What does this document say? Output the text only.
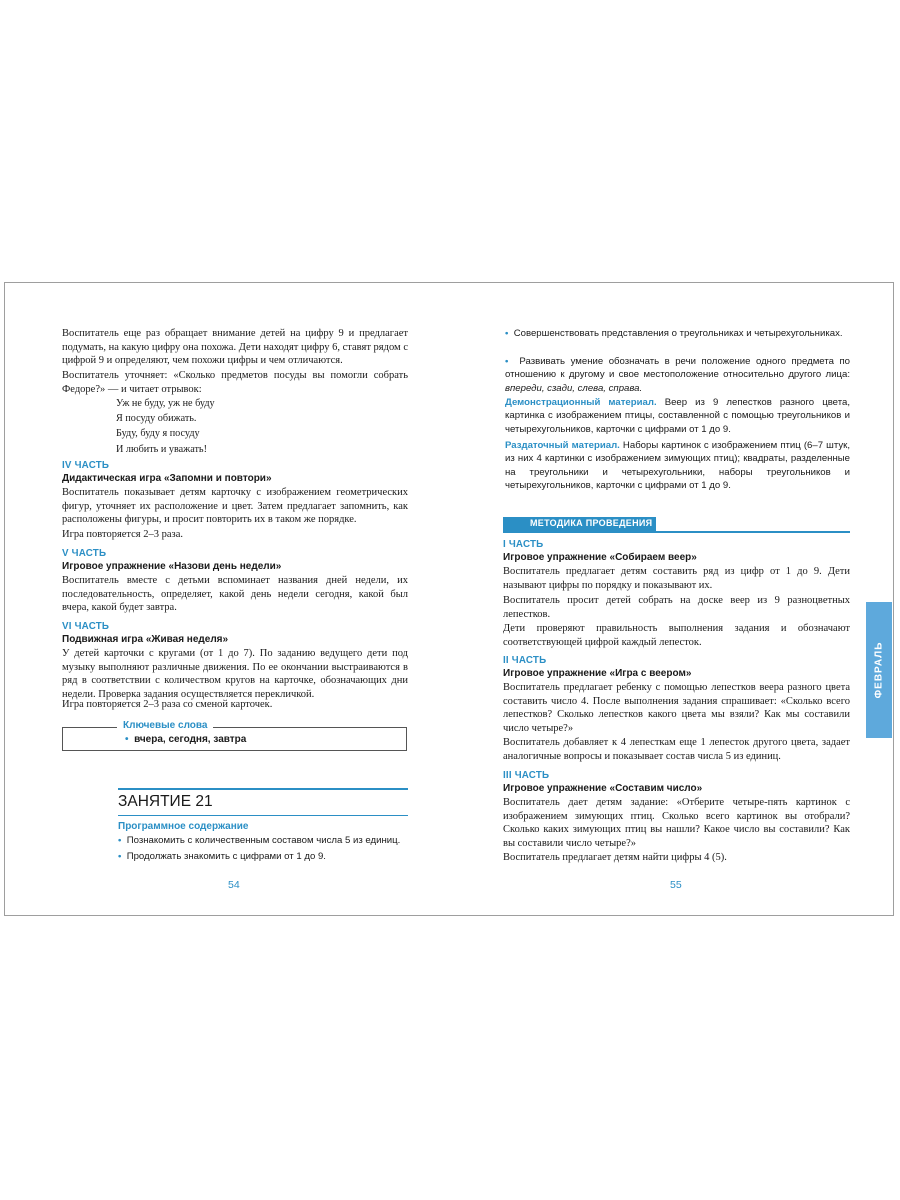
Воспитатель еще раз обращает внимание детей на цифру 9 и предлагает подумать, на какую цифру она похожа. Дети находят цифру 6, ставят рядом с цифрой 9 и определяют, чем похожи цифры и чем отличаются.

Воспитатель уточняет: «Сколько предметов посуды вы помогли собрать Федоре?» — и читает отрывок:

Уж не буду, уж не буду
Я посуду обижать.
Буду, буду я посуду
И любить и уважать!
IV ЧАСТЬ
Дидактическая игра «Запомни и повтори»
Воспитатель показывает детям карточку с изображением геометрических фигур, уточняет их расположение и цвет. Затем предлагает запомнить, как расположены фигуры, и просит повторить их в таком же порядке.
Игра повторяется 2–3 раза.
V ЧАСТЬ
Игровое упражнение «Назови день недели»
Воспитатель вместе с детьми вспоминает названия дней недели, их последовательность, определяет, какой день недели сегодня, какой был вчера, какой будет завтра.
VI ЧАСТЬ
Подвижная игра «Живая неделя»
У детей карточки с кругами (от 1 до 7). По заданию ведущего дети под музыку выполняют различные движения. По ее окончании выстраиваются в ряд в соответствии с количеством кругов на карточке, обозначающих дни недели. Проверка задания осуществляется перекличкой.
Игра повторяется 2–3 раза со сменой карточек.
Ключевые слова
• вчера, сегодня, завтра
ЗАНЯТИЕ 21
Программное содержание
• Познакомить с количественным составом числа 5 из единиц.
• Продолжать знакомить с цифрами от 1 до 9.
54
• Совершенствовать представления о треугольниках и четырехугольниках.
• Развивать умение обозначать в речи положение одного предмета по отношению к другому и свое местоположение относительно другого лица: впереди, сзади, слева, справа.
Демонстрационный материал. Веер из 9 лепестков разного цвета, картинка с изображением птицы, составленной с помощью треугольников и четырехугольников, карточки с цифрами от 1 до 9.
Раздаточный материал. Наборы картинок с изображением птиц (6–7 штук, из них 4 картинки с изображением зимующих птиц); квадраты, разделенные на треугольники и четырехугольники, наборы треугольников и четырехугольников, карточки с цифрами от 1 до 9.
МЕТОДИКА ПРОВЕДЕНИЯ
I ЧАСТЬ
Игровое упражнение «Собираем веер»
Воспитатель предлагает детям составить ряд из цифр от 1 до 9. Дети называют цифры по порядку и показывают их.
Воспитатель просит детей собрать на доске веер из 9 разноцветных лепестков.
Дети проверяют правильность выполнения задания и обозначают соответствующей цифрой каждый лепесток.
II ЧАСТЬ
Игровое упражнение «Игра с веером»
Воспитатель предлагает ребенку с помощью лепестков веера разного цвета составить число 4. После выполнения задания спрашивает: «Сколько всего лепестков? Сколько лепестков какого цвета мы взяли? Как мы составили число четыре?»
Воспитатель добавляет к 4 лепесткам еще 1 лепесток другого цвета, задает аналогичные вопросы и показывает состав числа 5 из единиц.
III ЧАСТЬ
Игровое упражнение «Составим число»
Воспитатель дает детям задание: «Отберите четыре-пять картинок с изображением зимующих птиц. Сколько всего картинок вы отобрали? Сколько каких зимующих птиц вы нашли? Какое число вы составили? Как вы составили число четыре?»
Воспитатель предлагает детям найти цифры 4 (5).
55
ФЕВРАЛЬ
